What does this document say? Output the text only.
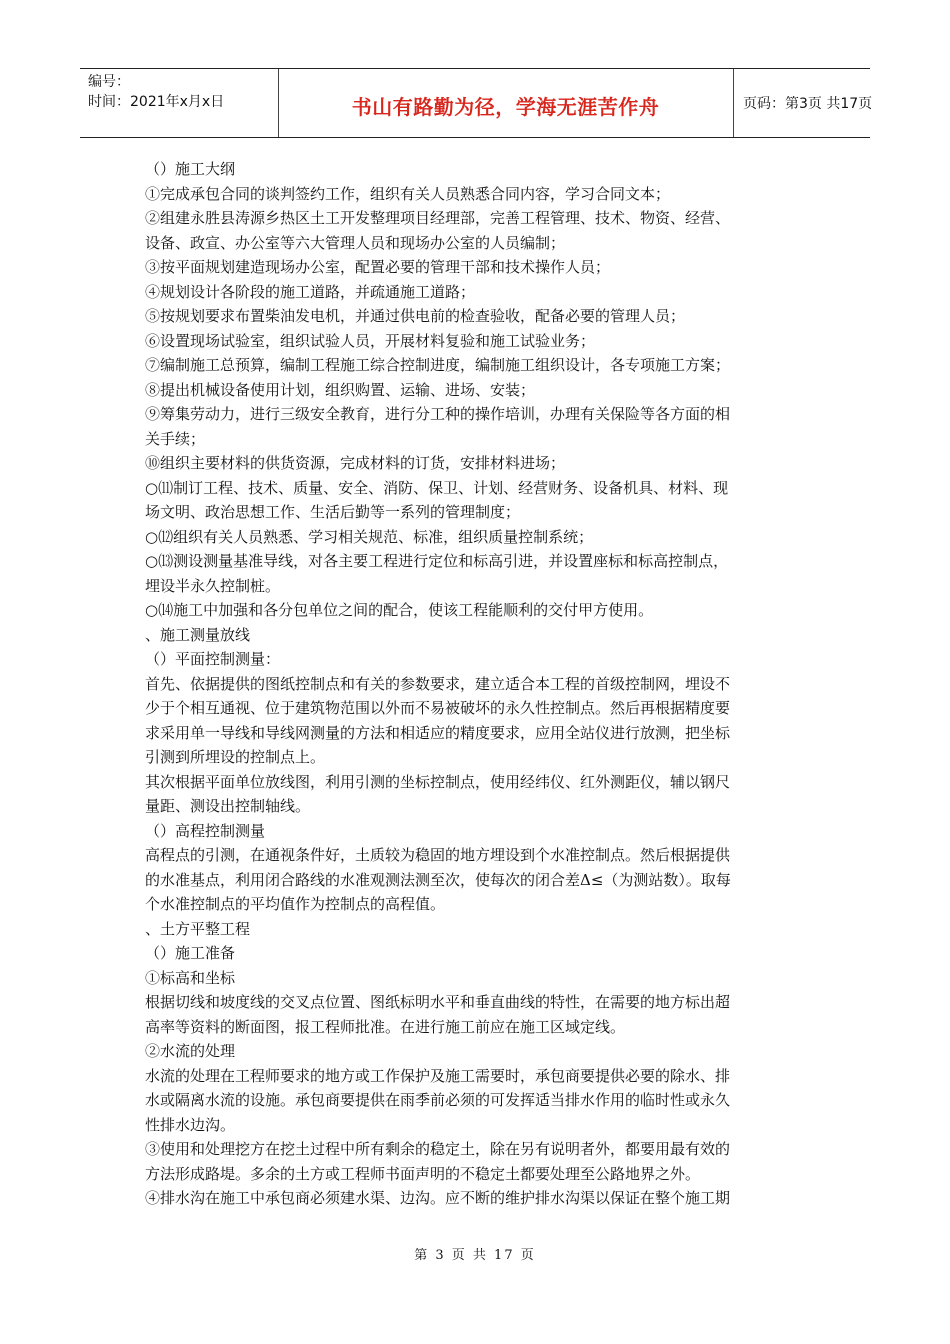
编号：
时间：2021年x月x日	书山有路勤为径，学海无涯苦作舟	页码：第3页 共17页
（）施工大纲
①完成承包合同的谈判签约工作，组织有关人员熟悉合同内容，学习合同文本；
②组建永胜县涛源乡热区土工开发整理项目经理部，完善工程管理、技术、物资、经营、
设备、政宣、办公室等六大管理人员和现场办公室的人员编制；
③按平面规划建造现场办公室，配置必要的管理干部和技术操作人员；
④规划设计各阶段的施工道路，并疏通施工道路；
⑤按规划要求布置柴油发电机，并通过供电前的检查验收，配备必要的管理人员；
⑥设置现场试验室，组织试验人员，开展材料复验和施工试验业务；
⑦编制施工总预算，编制工程施工综合控制进度，编制施工组织设计，各专项施工方案；
⑧提出机械设备使用计划，组织购置、运输、进场、安装；
⑨筹集劳动力，进行三级安全教育，进行分工种的操作培训，办理有关保险等各方面的相
关手续；
⑩组织主要材料的供货资源，完成材料的订货，安排材料进场；
○⑾制订工程、技术、质量、安全、消防、保卫、计划、经营财务、设备机具、材料、现
场文明、政治思想工作、生活后勤等一系列的管理制度；
○⑿组织有关人员熟悉、学习相关规范、标准，组织质量控制系统；
○⒀测设测量基准导线，对各主要工程进行定位和标高引进，并设置座标和标高控制点，
埋设半永久控制桩。
○⒁施工中加强和各分包单位之间的配合，使该工程能顺利的交付甲方使用。
、施工测量放线
（）平面控制测量：
首先、依据提供的图纸控制点和有关的参数要求，建立适合本工程的首级控制网，埋设不
少于个相互通视、位于建筑物范围以外而不易被破坏的永久性控制点。然后再根据精度要
求采用单一导线和导线网测量的方法和相适应的精度要求，应用全站仪进行放测，把坐标
引测到所埋设的控制点上。
其次根据平面单位放线图，利用引测的坐标控制点，使用经纬仪、红外测距仪，辅以钢尺
量距、测设出控制轴线。
（）高程控制测量
高程点的引测，在通视条件好，土质较为稳固的地方埋设到个水准控制点。然后根据提供
的水准基点，利用闭合路线的水准观测法测至次，使每次的闭合差Δ≤（为测站数）。取每
个水准控制点的平均值作为控制点的高程值。
、土方平整工程
（）施工准备
①标高和坐标
根据切线和坡度线的交叉点位置、图纸标明水平和垂直曲线的特性，在需要的地方标出超
高率等资料的断面图，报工程师批准。在进行施工前应在施工区域定线。
②水流的处理
水流的处理在工程师要求的地方或工作保护及施工需要时，承包商要提供必要的除水、排
水或隔离水流的设施。承包商要提供在雨季前必须的可发挥适当排水作用的临时性或永久
性排水边沟。
③使用和处理挖方在挖土过程中所有剩余的稳定土，除在另有说明者外，都要用最有效的
方法形成路堤。多余的土方或工程师书面声明的不稳定土都要处理至公路地界之外。
④排水沟在施工中承包商必须建水渠、边沟。应不断的维护排水沟渠以保证在整个施工期
第 3 页 共 17 页
